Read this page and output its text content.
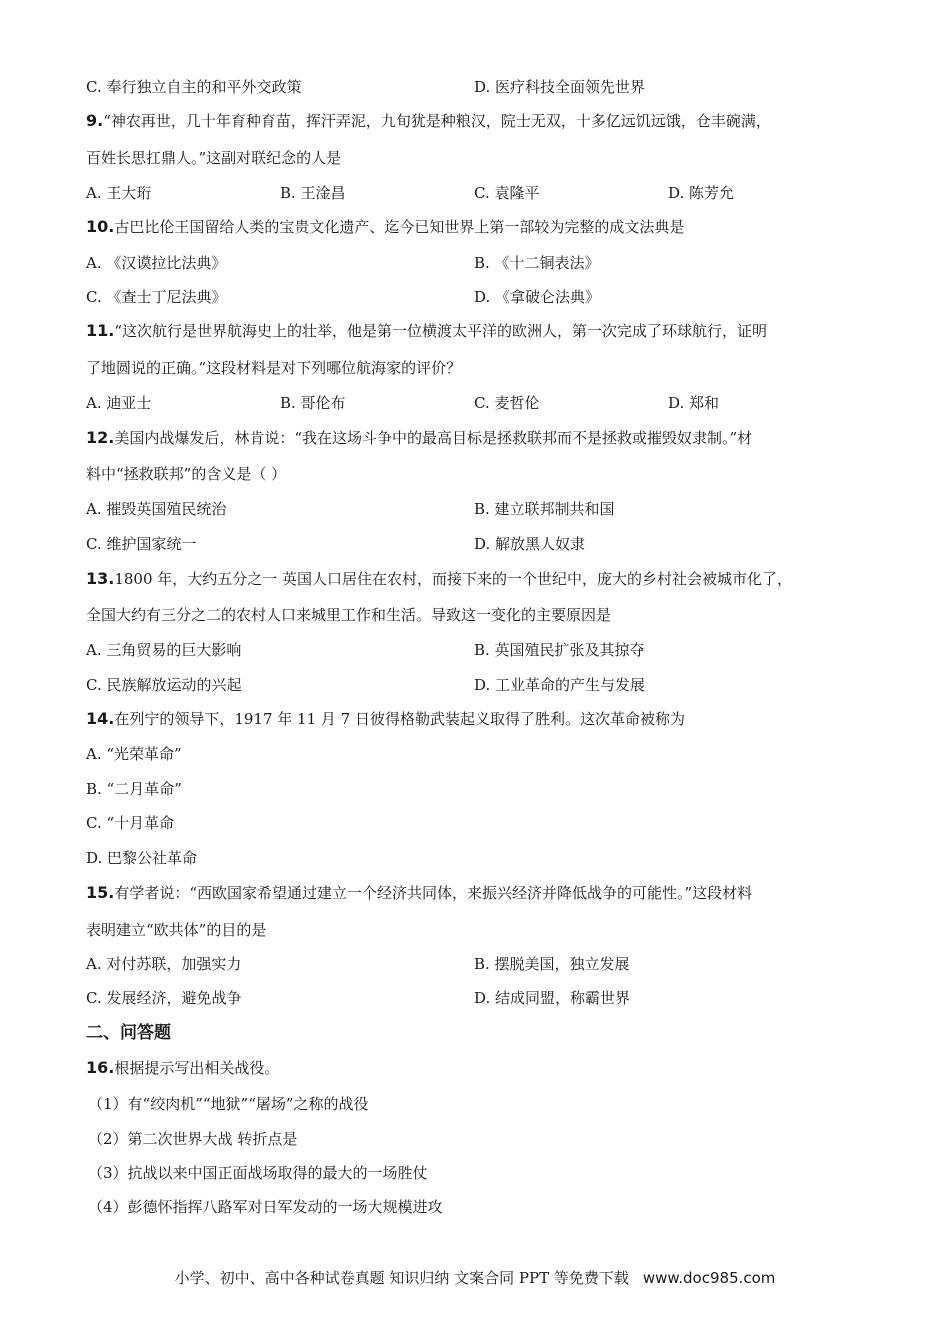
C. 奉行独立自主的和平外交政策	D. 医疗科技全面领先世界
9.“神农再世，几十年育种育苗，挥汗弄泥，九旬犹是种粮汉，院士无双，十多亿远饥远饿，仓丰碗满，
百姓长思扛鼎人。”这副对联纪念的人是
A. 王大珩	B. 王淦昌	C. 袁隆平	D. 陈芳允
10.古巴比伦王国留给人类的宝贵文化遗产、迄今已知世界上第一部较为完整的成文法典是
A. 《汉谟拉比法典》	B. 《十二铜表法》
C. 《查士丁尼法典》	D. 《拿破仑法典》
11.“这次航行是世界航海史上的壮举，他是第一位横渡太平洋的欧洲人，第一次完成了环球航行，证明
了地圆说的正确。”这段材料是对下列哪位航海家的评价？
A. 迪亚士	B. 哥伦布	C. 麦哲伦	D. 郑和
12.美国内战爆发后，林肯说：“我在这场斗争中的最高目标是拯救联邦而不是拯救或摧毁奴隶制。”材
料中“拯救联邦”的含义是（ ）
A. 摧毁英国殖民统治	B. 建立联邦制共和国
C. 维护国家统一	D. 解放黑人奴隶
13.1800 年，大约五分之一 英国人口居住在农村，而接下来的一个世纪中，庞大的乡村社会被城市化了，
全国大约有三分之二的农村人口来城里工作和生活。导致这一变化的主要原因是
A. 三角贸易的巨大影响	B. 英国殖民扩张及其掠夺
C. 民族解放运动的兴起	D. 工业革命的产生与发展
14.在列宁的领导下，1917 年 11 月 7 日彼得格勒武装起义取得了胜利。这次革命被称为
A. “光荣革命”
B. “二月革命”
C. “十月革命
D. 巴黎公社革命
15.有学者说：“西欧国家希望通过建立一个经济共同体，来振兴经济并降低战争的可能性。”这段材料
表明建立“欧共体”的目的是
A. 对付苏联，加强实力	B. 摆脱美国，独立发展
C. 发展经济，避免战争	D. 结成同盟，称霸世界
二、问答题
16.根据提示写出相关战役。
（1）有“绞肉机”“地狱”“屠场”之称的战役
（2）第二次世界大战 转折点是
（3）抗战以来中国正面战场取得的最大的一场胜仗
（4）彭德怀指挥八路军对日军发动的一场大规模进攻
小学、初中、高中各种试卷真题 知识归纳 文案合同 PPT 等免费下载 www.doc985.com
